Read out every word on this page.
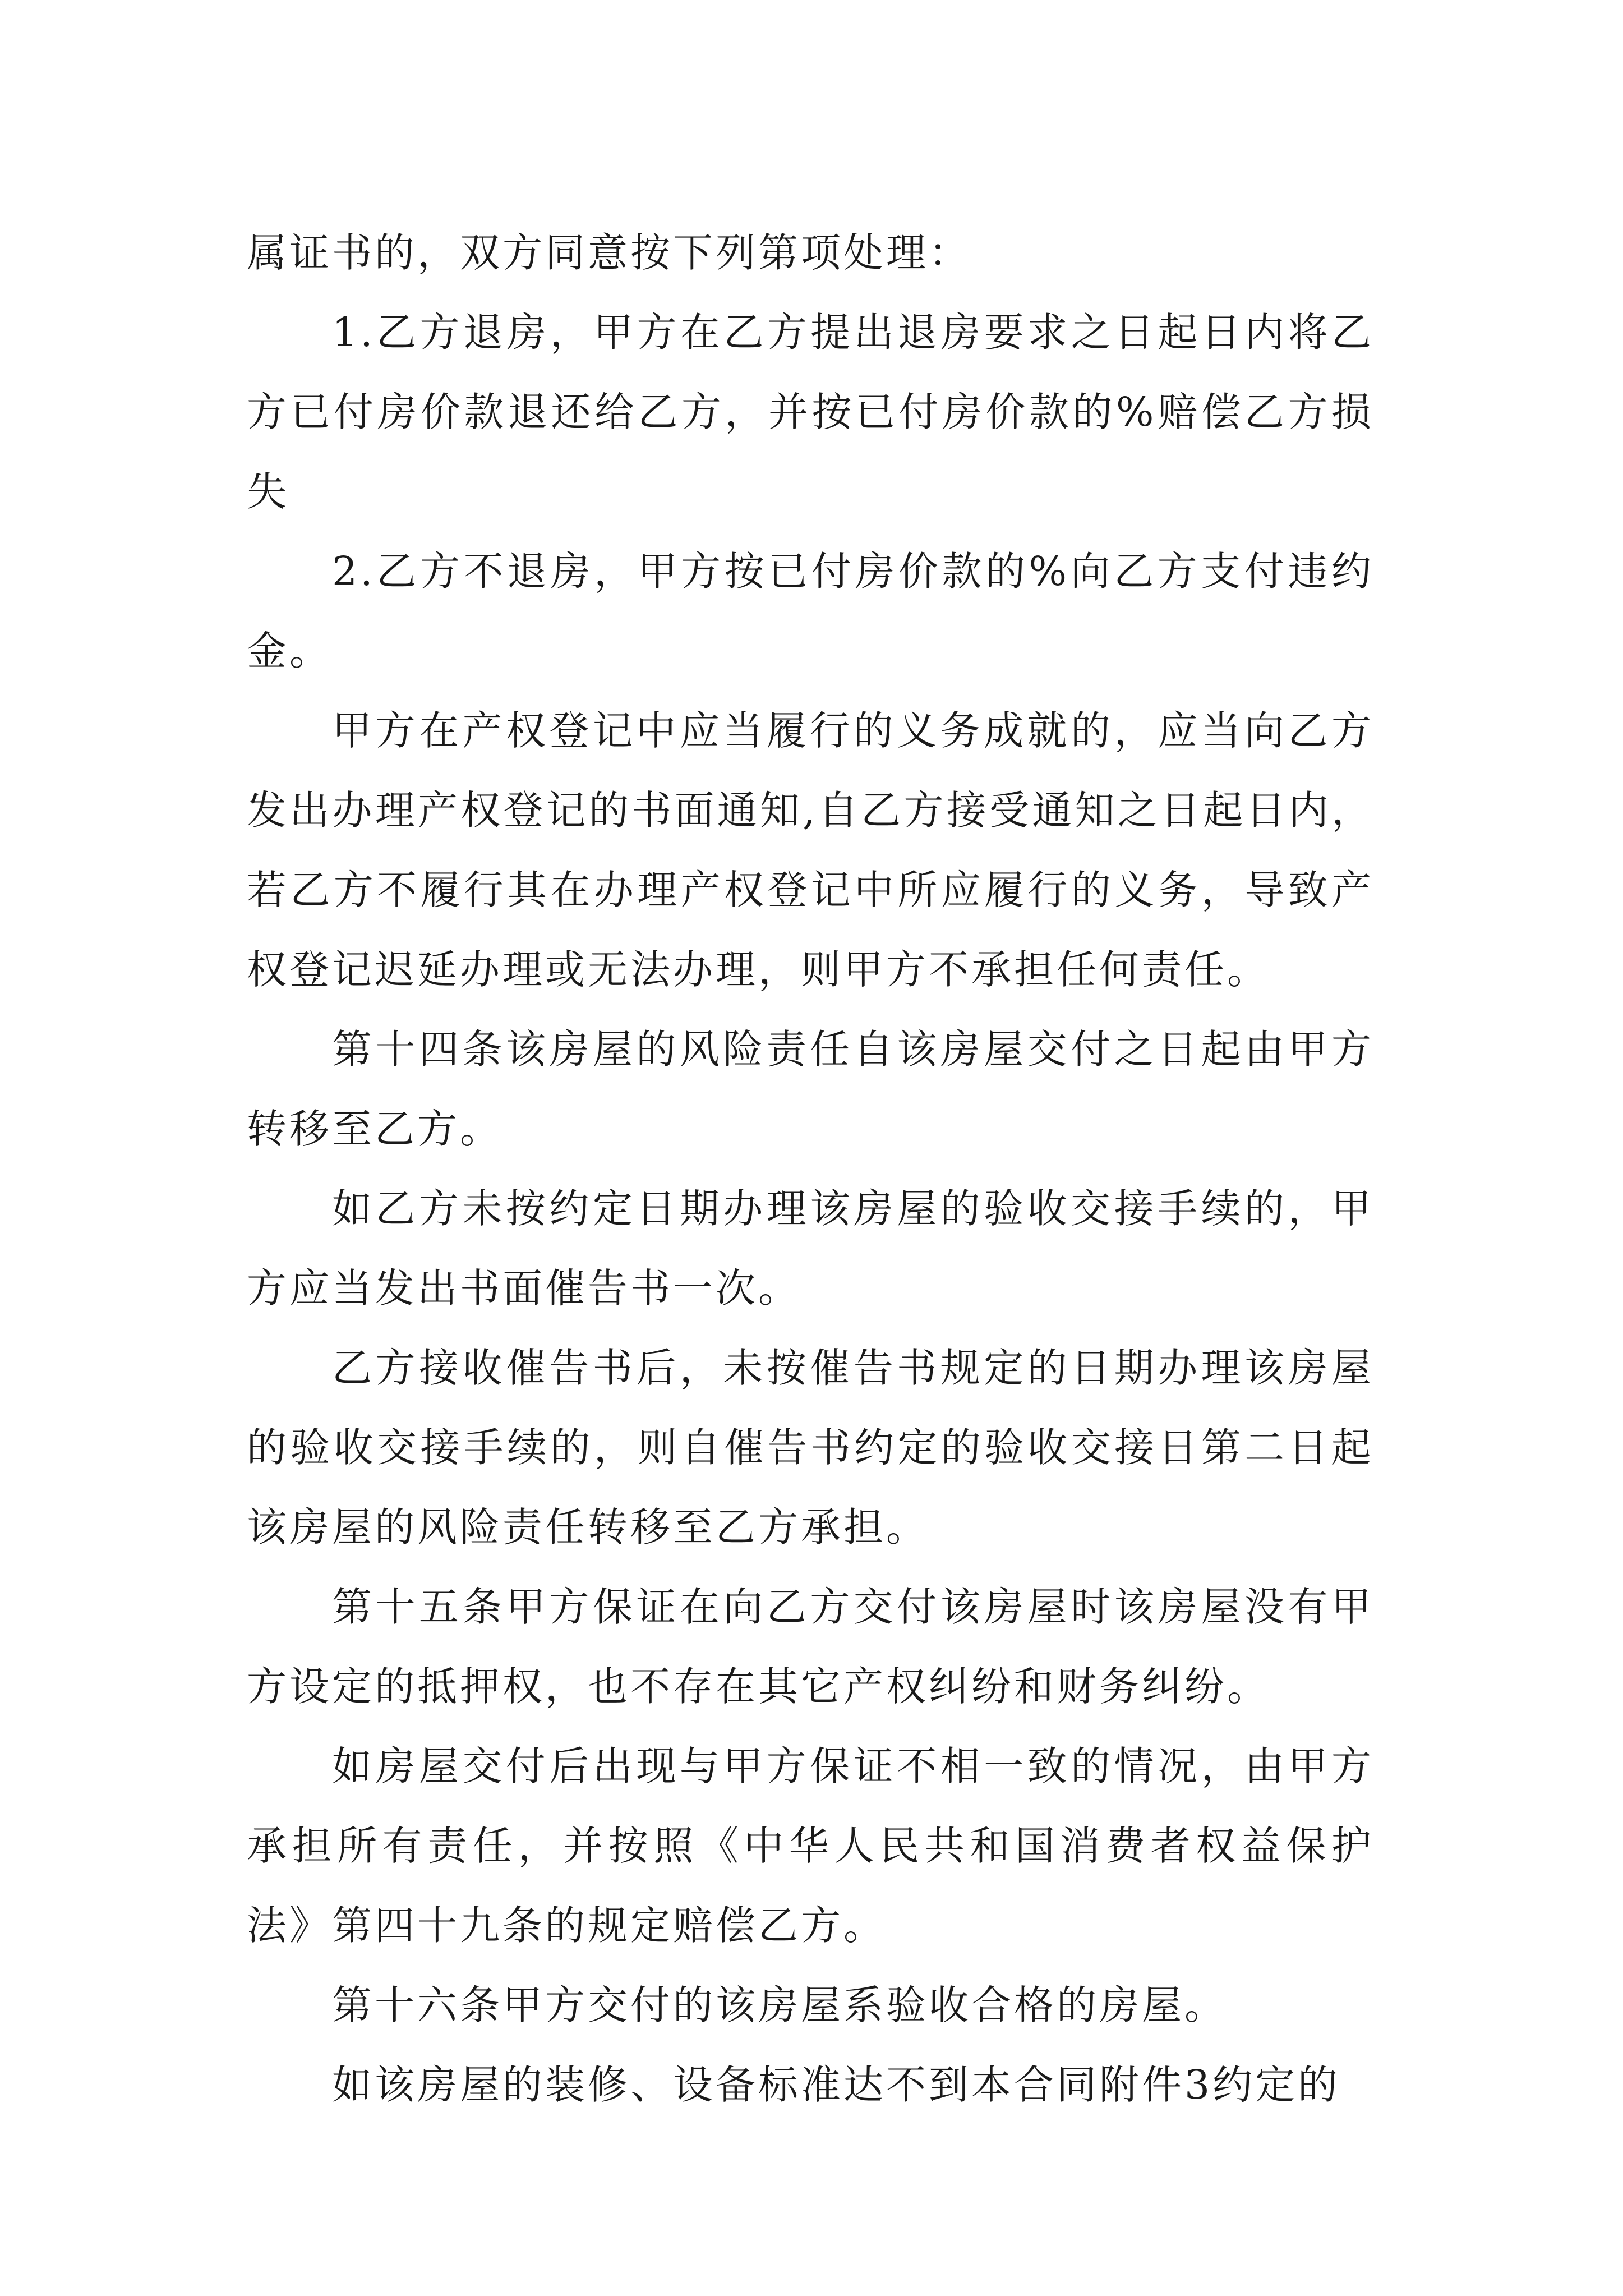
属证书的，双方同意按下列第项处理：

1.乙方退房，甲方在乙方提出退房要求之日起日内将乙方已付房价款退还给乙方，并按已付房价款的%赔偿乙方损失

2.乙方不退房，甲方按已付房价款的%向乙方支付违约金。

甲方在产权登记中应当履行的义务成就的，应当向乙方发出办理产权登记的书面通知,自乙方接受通知之日起日内，若乙方不履行其在办理产权登记中所应履行的义务，导致产权登记迟延办理或无法办理，则甲方不承担任何责任。

第十四条该房屋的风险责任自该房屋交付之日起由甲方转移至乙方。

如乙方未按约定日期办理该房屋的验收交接手续的，甲方应当发出书面催告书一次。

乙方接收催告书后，未按催告书规定的日期办理该房屋的验收交接手续的，则自催告书约定的验收交接日第二日起该房屋的风险责任转移至乙方承担。

第十五条甲方保证在向乙方交付该房屋时该房屋没有甲方设定的抵押权，也不存在其它产权纠纷和财务纠纷。

如房屋交付后出现与甲方保证不相一致的情况，由甲方承担所有责任，并按照《中华人民共和国消费者权益保护法》第四十九条的规定赔偿乙方。

第十六条甲方交付的该房屋系验收合格的房屋。

如该房屋的装修、设备标准达不到本合同附件3约定的
